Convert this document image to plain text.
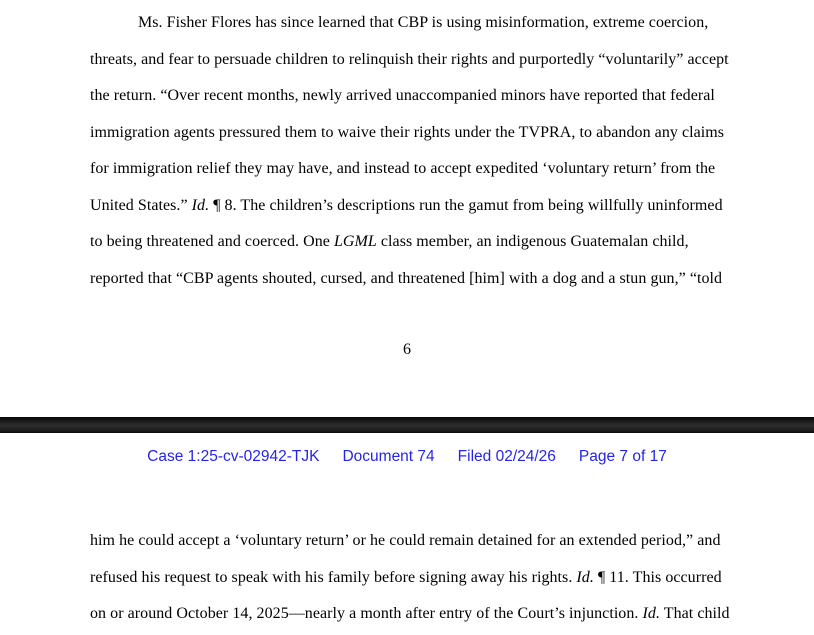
Ms. Fisher Flores has since learned that CBP is using misinformation, extreme coercion,
threats, and fear to persuade children to relinquish their rights and purportedly “voluntarily” accept
the return. “Over recent months, newly arrived unaccompanied minors have reported that federal
immigration agents pressured them to waive their rights under the TVPRA, to abandon any claims
for immigration relief they may have, and instead to accept expedited ‘voluntary return’ from the
United States.” Id. ¶ 8. The children’s descriptions run the gamut from being willfully uninformed
to being threatened and coerced. One LGML class member, an indigenous Guatemalan child,
reported that “CBP agents shouted, cursed, and threatened [him] with a dog and a stun gun,” “told
6
Case 1:25-cv-02942-TJK Document 74 Filed 02/24/26 Page 7 of 17
him he could accept a ‘voluntary return’ or he could remain detained for an extended period,” and
refused his request to speak with his family before signing away his rights. Id. ¶ 11. This occurred
on or around October 14, 2025—nearly a month after entry of the Court’s injunction. Id. That child
